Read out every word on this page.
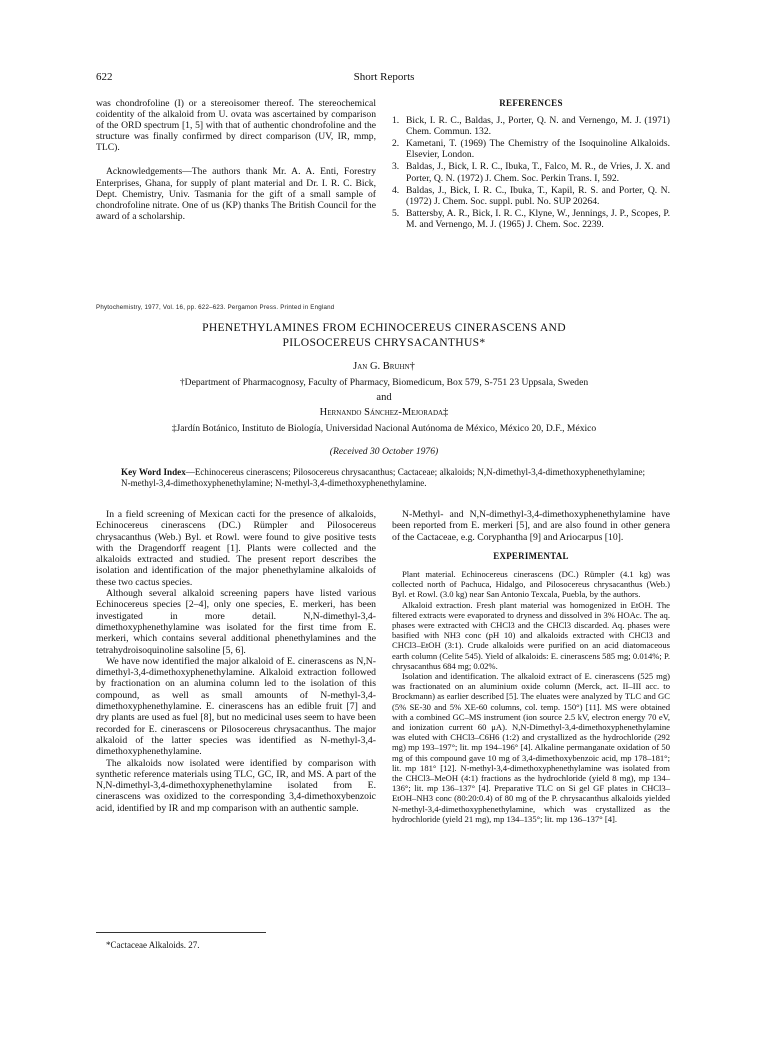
622	Short Reports

was chondrofoline (I) or a stereoisomer thereof. The stereochemical coidentity of the alkaloid from U. ovata was ascertained by comparison of the ORD spectrum [1, 5] with that of authentic chondrofoline and the structure was finally confirmed by direct comparison (UV, IR, mmp, TLC).

Acknowledgements—The authors thank Mr. A. A. Enti, Forestry Enterprises, Ghana, for supply of plant material and Dr. I. R. C. Bick, Dept. Chemistry, Univ. Tasmania for the gift of a small sample of chondrofoline nitrate. One of us (KP) thanks The British Council for the award of a scholarship.

REFERENCES
1. Bick, I. R. C., Baldas, J., Porter, Q. N. and Vernengo, M. J. (1971) Chem. Commun. 132.
2. Kametani, T. (1969) The Chemistry of the Isoquinoline Alkaloids. Elsevier, London.
3. Baldas, J., Bick, I. R. C., Ibuka, T., Falco, M. R., de Vries, J. X. and Porter, Q. N. (1972) J. Chem. Soc. Perkin Trans. I, 592.
4. Baldas, J., Bick, I. R. C., Ibuka, T., Kapil, R. S. and Porter, Q. N. (1972) J. Chem. Soc. suppl. publ. No. SUP 20264.
5. Battersby, A. R., Bick, I. R. C., Klyne, W., Jennings, J. P., Scopes, P. M. and Vernengo, M. J. (1965) J. Chem. Soc. 2239.
Phytochemistry, 1977, Vol. 16, pp. 622–623. Pergamon Press. Printed in England
PHENETHYLAMINES FROM ECHINOCEREUS CINERASCENS AND
PILOSOCEREUS CHRYSACANTHUS*
Jan G. Bruhn†
†Department of Pharmacognosy, Faculty of Pharmacy, Biomedicum, Box 579, S-751 23 Uppsala, Sweden
and
Hernando Sánchez-Mejorada‡
‡Jardín Botánico, Instituto de Biología, Universidad Nacional Autónoma de México, México 20, D.F., México
(Received 30 October 1976)
Key Word Index—Echinocereus cinerascens; Pilosocereus chrysacanthus; Cactaceae; alkaloids; N,N-dimethyl-3,4-dimethoxyphenethylamine; N-methyl-3,4-dimethoxyphenethylamine; N-methyl-3,4-dimethoxyphenethylamine.

In a field screening of Mexican cacti for the presence of alkaloids, Echinocereus cinerascens (DC.) Rümpler and Pilosocereus chrysacanthus (Web.) Byl. et Rowl. were found to give positive tests with the Dragendorff reagent [1]. Plants were collected and the alkaloids extracted and studied. The present report describes the isolation and identification of the major phenethylamine alkaloids of these two cactus species.

Although several alkaloid screening papers have listed various Echinocereus species [2–4], only one species, E. merkeri, has been investigated in more detail. N,N-dimethyl-3,4-dimethoxyphenethylamine was isolated for the first time from E. merkeri, which contains several additional phenethylamines and the tetrahydroisoquinoline salsoline [5, 6].

We have now identified the major alkaloid of E. cinerascens as N,N-dimethyl-3,4-dimethoxyphenethylamine. Alkaloid extraction followed by fractionation on an alumina column led to the isolation of this compound, as well as small amounts of N-methyl-3,4-dimethoxyphenethylamine. E. cinerascens has an edible fruit [7] and dry plants are used as fuel [8], but no medicinal uses seem to have been recorded for E. cinerascens or Pilosocereus chrysacanthus. The major alkaloid of the latter species was identified as N-methyl-3,4-dimethoxyphenethylamine.

The alkaloids now isolated were identified by comparison with synthetic reference materials using TLC, GC, IR, and MS. A part of the N,N-dimethyl-3,4-dimethoxyphenethylamine isolated from E. cinerascens was oxidized to the corresponding 3,4-dimethoxybenzoic acid, identified by IR and mp comparison with an authentic sample.

N-Methyl- and N,N-dimethyl-3,4-dimethoxyphenethylamine have been reported from E. merkeri [5], and are also found in other genera of the Cactaceae, e.g. Coryphantha [9] and Ariocarpus [10].

EXPERIMENTAL

Plant material. Echinocereus cinerascens (DC.) Rümpler (4.1 kg) was collected north of Pachuca, Hidalgo, and Pilosocereus chrysacanthus (Web.) Byl. et Rowl. (3.0 kg) near San Antonio Texcala, Puebla, by the authors.

Alkaloid extraction. Fresh plant material was homogenized in EtOH. The filtered extracts were evaporated to dryness and dissolved in 3% HOAc. The aq. phases were extracted with CHCl3 and the CHCl3 discarded. Aq. phases were basified with NH3 conc (pH 10) and alkaloids extracted with CHCl3 and CHCl3–EtOH (3:1). Crude alkaloids were purified on an acid diatomaceous earth column (Celite 545). Yield of alkaloids: E. cinerascens 585 mg; 0.014%; P. chrysacanthus 684 mg; 0.02%.

Isolation and identification. The alkaloid extract of E. cinerascens (525 mg) was fractionated on an aluminium oxide column (Merck, act. II–III acc. to Brockmann) as earlier described [5]. The eluates were analyzed by TLC and GC (5% SE-30 and 5% XE-60 columns, col. temp. 150°) [11]. MS were obtained with a combined GC–MS instrument (ion source 2.5 kV, electron energy 70 eV, and ionization current 60 μA). N,N-Dimethyl-3,4-dimethoxyphenethylamine was eluted with CHCl3–C6H6 (1:2) and crystallized as the hydrochloride (292 mg) mp 193–197°; lit. mp 194–196° [4]. Alkaline permanganate oxidation of 50 mg of this compound gave 10 mg of 3,4-dimethoxybenzoic acid, mp 178–181°; lit. mp 181° [12]. N-methyl-3,4-dimethoxyphenethylamine was isolated from the CHCl3–MeOH (4:1) fractions as the hydrochloride (yield 8 mg), mp 134–136°; lit. mp 136–137° [4]. Preparative TLC on Si gel GF plates in CHCl3–EtOH–NH3 conc (80:20:0.4) of 80 mg of the P. chrysacanthus alkaloids yielded N-methyl-3,4-dimethoxyphenethylamine, which was crystallized as the hydrochloride (yield 21 mg), mp 134–135°; lit. mp 136–137° [4].

*Cactaceae Alkaloids. 27.
